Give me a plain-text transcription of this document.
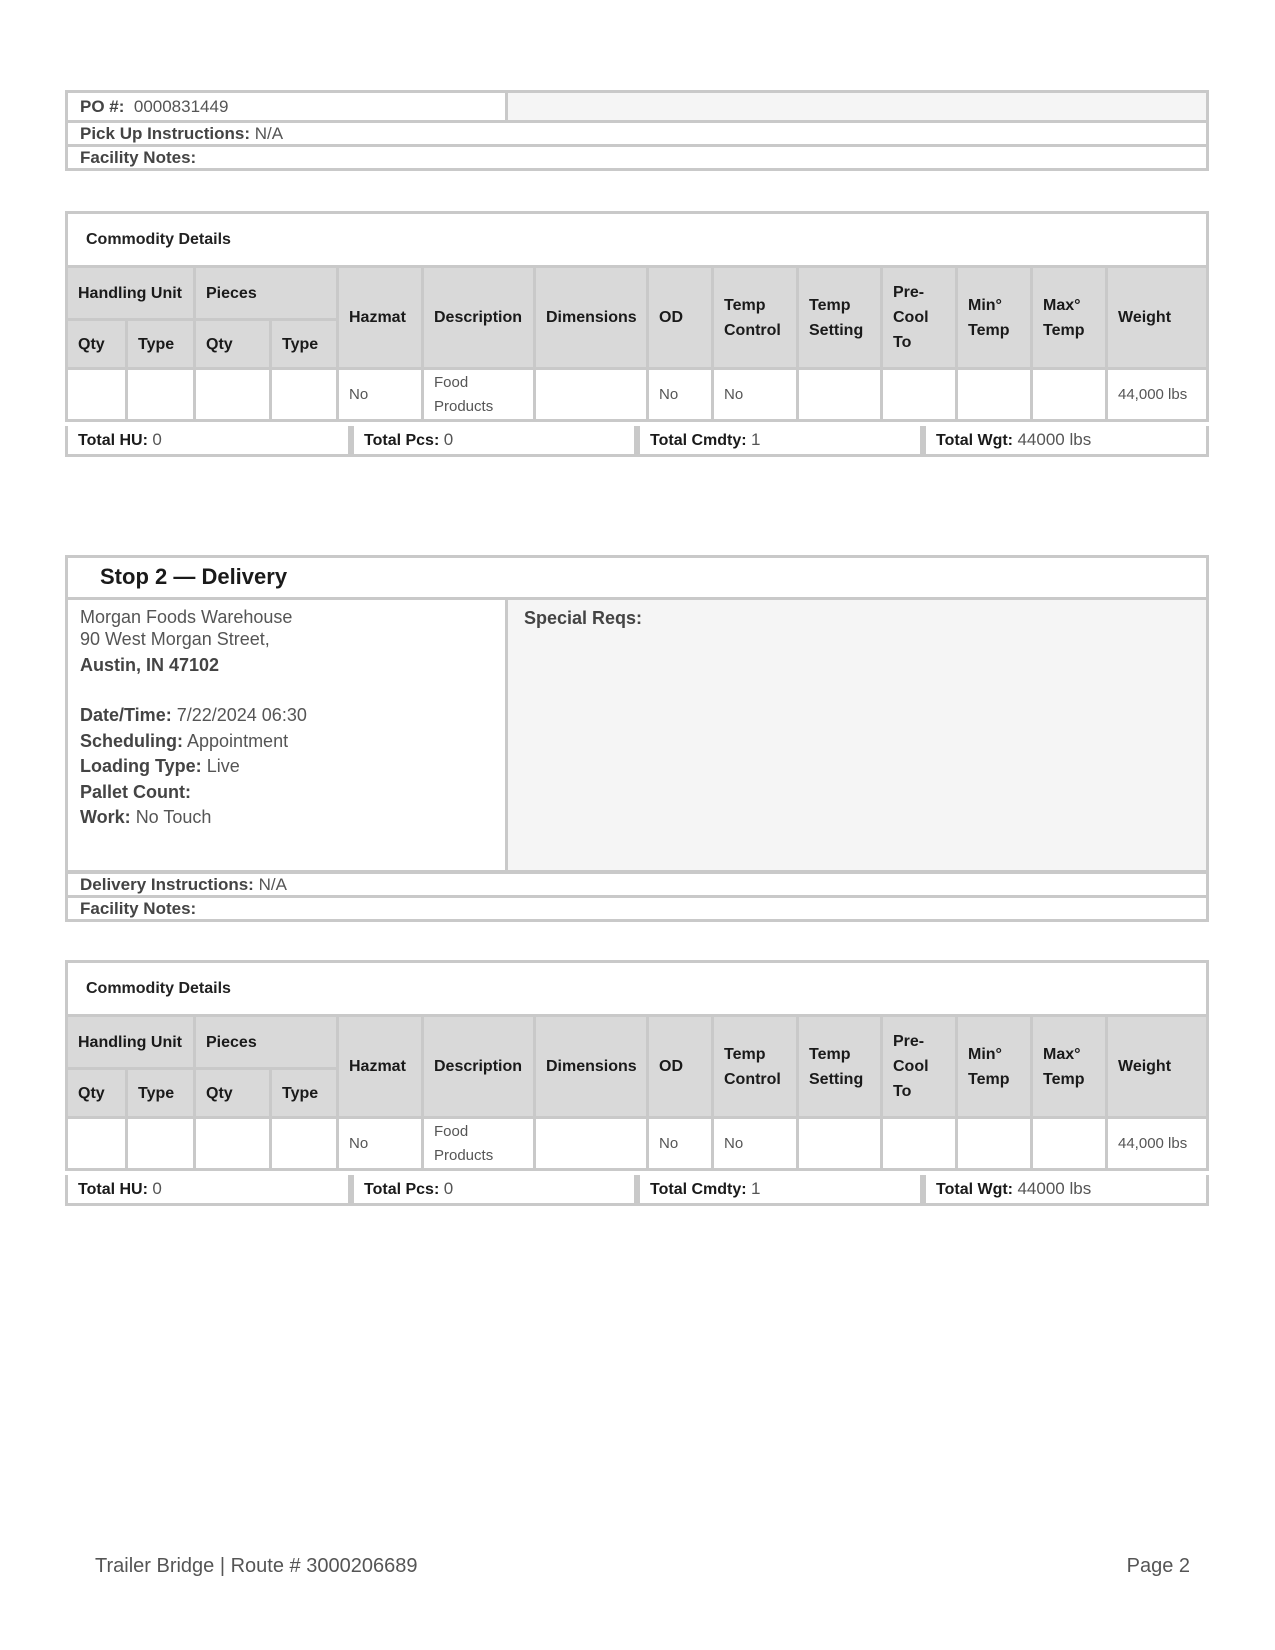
PO #: 0000831449	
Pick Up Instructions: N/A
Facility Notes:
Commodity Details													
Handling Unit		Pieces		Hazmat	Description	Dimensions	OD	Temp Control	Temp Setting	Pre-Cool To	Min° Temp	Max° Temp	Weight
Qty	Type	Qty	Type										
				No	Food Products		No	No					44,000 lbs
Total HU: 0	Total Pcs: 0	Total Cmdty: 1	Total Wgt: 44000 lbs
Stop 2 — Delivery
Morgan Foods Warehouse
90 West Morgan Street,
Austin, IN 47102
Date/Time: 7/22/2024 06:30
Scheduling: Appointment
Loading Type: Live
Pallet Count:
Work: No Touch
Special Reqs:
Delivery Instructions: N/A
Facility Notes:
Commodity Details													
Handling Unit		Pieces		Hazmat	Description	Dimensions	OD	Temp Control	Temp Setting	Pre-Cool To	Min° Temp	Max° Temp	Weight
Qty	Type	Qty	Type										
				No	Food Products		No	No					44,000 lbs
Total HU: 0	Total Pcs: 0	Total Cmdty: 1	Total Wgt: 44000 lbs
Trailer Bridge | Route # 3000206689	Page 2
